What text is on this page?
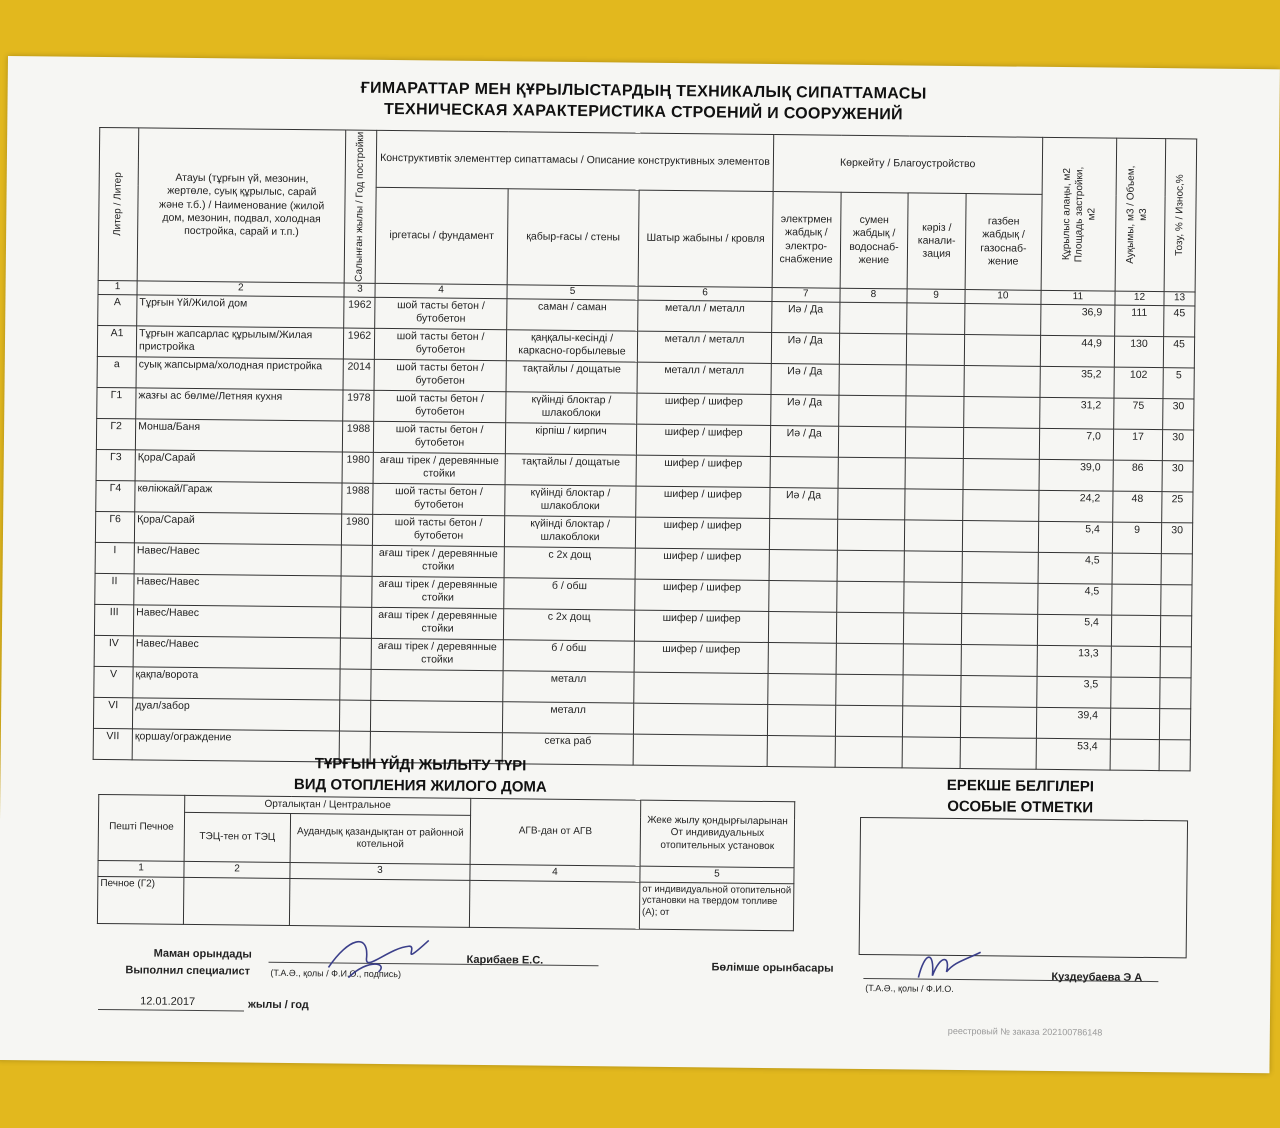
ҒИМАРАТТАР МЕН ҚҰРЫЛЫСТАРДЫҢ ТЕХНИКАЛЫҚ СИПАТТАМАСЫ
ТЕХНИЧЕСКАЯ ХАРАКТЕРИСТИКА СТРОЕНИЙ И СООРУЖЕНИЙ
Литер / Литер	Атауы (тұрғын үй, мезонин, жертөле, суық құрылыс, сарай және т.б.) / Наименование (жилой дом, мезонин, подвал, холодная постройка, сарай и т.п.)	Салынған жылы / Год постройки	Конструктивтік элементтер сипаттамасы / Описание конструктивных элементов			Көркейту / Благоустройство				Құрылыс алаңы, м2 Площадь застройки, м2	Ауқымы, м3 / Объем, м3	Тозу, % / Износ,%

			іргетасы / фундамент	қабыр-ғасы / стены	Шатыр жабыны / кровля	электрмен жабдық / электро-снабжение	сумен жабдық / водоснаб-жение	кәріз / канали-зация	газбен жабдық / газоснаб-жение			
1	2	3	4	5	6	7	8	9	10	11	12	13
А	Тұрғын Үй/Жилой дом	1962	шой тасты бетон / бутобетон	саман / саман	металл / металл	Иә / Да				36,9	111	45
А1	Тұрғын жапсарлас құрылым/Жилая пристройка	1962	шой тасты бетон / бутобетон	қаңқалы-кесінді / каркасно-горбылевые	металл / металл	Иә / Да				44,9	130	45
а	суық жапсырма/холодная пристройка	2014	шой тасты бетон / бутобетон	тақтайлы / дощатые	металл / металл	Иә / Да				35,2	102	5
Г1	жазғы ас бөлме/Летняя кухня	1978	шой тасты бетон / бутобетон	күйінді блоктар / шлакоблоки	шифер / шифер	Иә / Да				31,2	75	30
Г2	Монша/Баня	1988	шой тасты бетон / бутобетон	кірпіш / кирпич	шифер / шифер	Иә / Да				7,0	17	30
Г3	Қора/Сарай	1980	ағаш тірек / деревянные стойки	тақтайлы / дощатые	шифер / шифер					39,0	86	30
Г4	көлікжай/Гараж	1988	шой тасты бетон / бутобетон	күйінді блоктар / шлакоблоки	шифер / шифер	Иә / Да				24,2	48	25
Г6	Қора/Сарай	1980	шой тасты бетон / бутобетон	күйінді блоктар / шлакоблоки	шифер / шифер					5,4	9	30
I	Навес/Навес		ағаш тірек / деревянные стойки	с 2х дощ	шифер / шифер					4,5		
II	Навес/Навес		ағаш тірек / деревянные стойки	б / обш	шифер / шифер					4,5		
III	Навес/Навес		ағаш тірек / деревянные стойки	с 2х дощ	шифер / шифер					5,4		
IV	Навес/Навес		ағаш тірек / деревянные стойки	б / обш	шифер / шифер					13,3		
V	қақпа/ворота			металл						3,5		
VI	дуал/забор			металл						39,4		
VII	қоршау/ограждение			сетка раб						53,4		
ТҰРҒЫН ҮЙДІ ЖЫЛЫТУ ТҮРІ
ВИД ОТОПЛЕНИЯ ЖИЛОГО ДОМА
Пешті Печное	Орталықтан / Центральное		АГВ-дан от АГВ	Жеке жылу қондырғыларынан От индивидуальных отопительных установок
	ТЭЦ-тен от ТЭЦ	Аудандық қазандықтан от районной котельной		
1	2	3	4	5
Печное (Г2)				от индивидуальной отопительной установки на твердом топливе (А); от
ЕРЕКШЕ БЕЛГІЛЕРІ
ОСОБЫЕ ОТМЕТКИ
Маман орындады
Выполнил специалист (Т.А.Ә., қолы / Ф.И.О., подпись)
Карибаев Е.С.
Бөлімше орынбасары
(Т.А.Ә., қолы / Ф.И.О.
Куздеубаева Э А
12.01.2017	жылы / год
реестровый № заказа 202100786148
